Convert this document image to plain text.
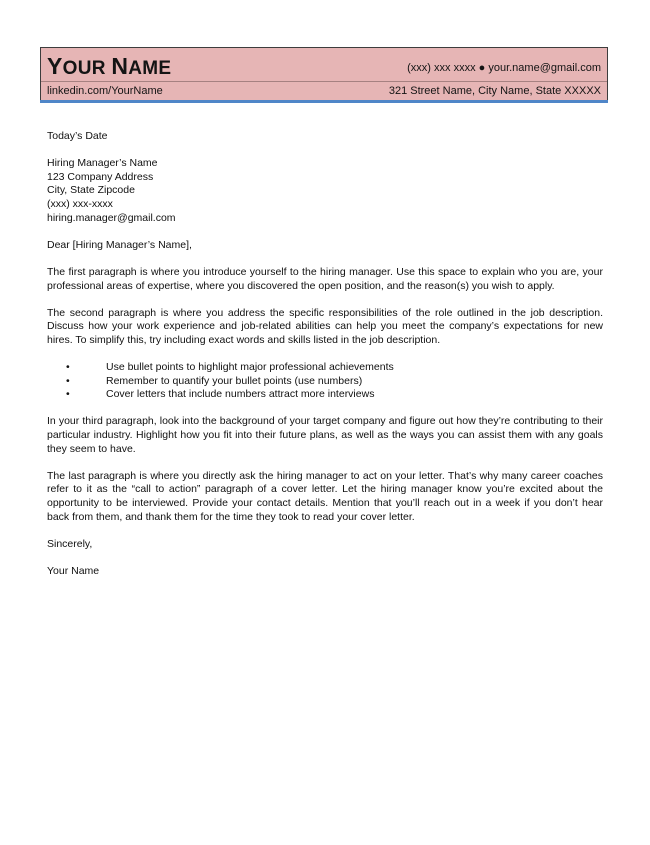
YOUR NAME	(xxx) xxx xxxx ● your.name@gmail.com
linkedin.com/YourName	321 Street Name, City Name, State XXXXX

Today’s Date

Hiring Manager’s Name
123 Company Address
City, State Zipcode
(xxx) xxx-xxxx
hiring.manager@gmail.com

Dear [Hiring Manager’s Name],

The first paragraph is where you introduce yourself to the hiring manager. Use this space to explain who you are, your professional areas of expertise, where you discovered the open position, and the reason(s) you wish to apply.

The second paragraph is where you address the specific responsibilities of the role outlined in the job description. Discuss how your work experience and job-related abilities can help you meet the company’s expectations for new hires. To simplify this, try including exact words and skills listed in the job description.

•	Use bullet points to highlight major professional achievements
•	Remember to quantify your bullet points (use numbers)
•	Cover letters that include numbers attract more interviews

In your third paragraph, look into the background of your target company and figure out how they’re contributing to their particular industry. Highlight how you fit into their future plans, as well as the ways you can assist them with any goals they seem to have.

The last paragraph is where you directly ask the hiring manager to act on your letter. That’s why many career coaches refer to it as the “call to action” paragraph of a cover letter. Let the hiring manager know you’re excited about the opportunity to be interviewed. Provide your contact details. Mention that you’ll reach out in a week if you don’t hear back from them, and thank them for the time they took to read your cover letter.

Sincerely,

Your Name
